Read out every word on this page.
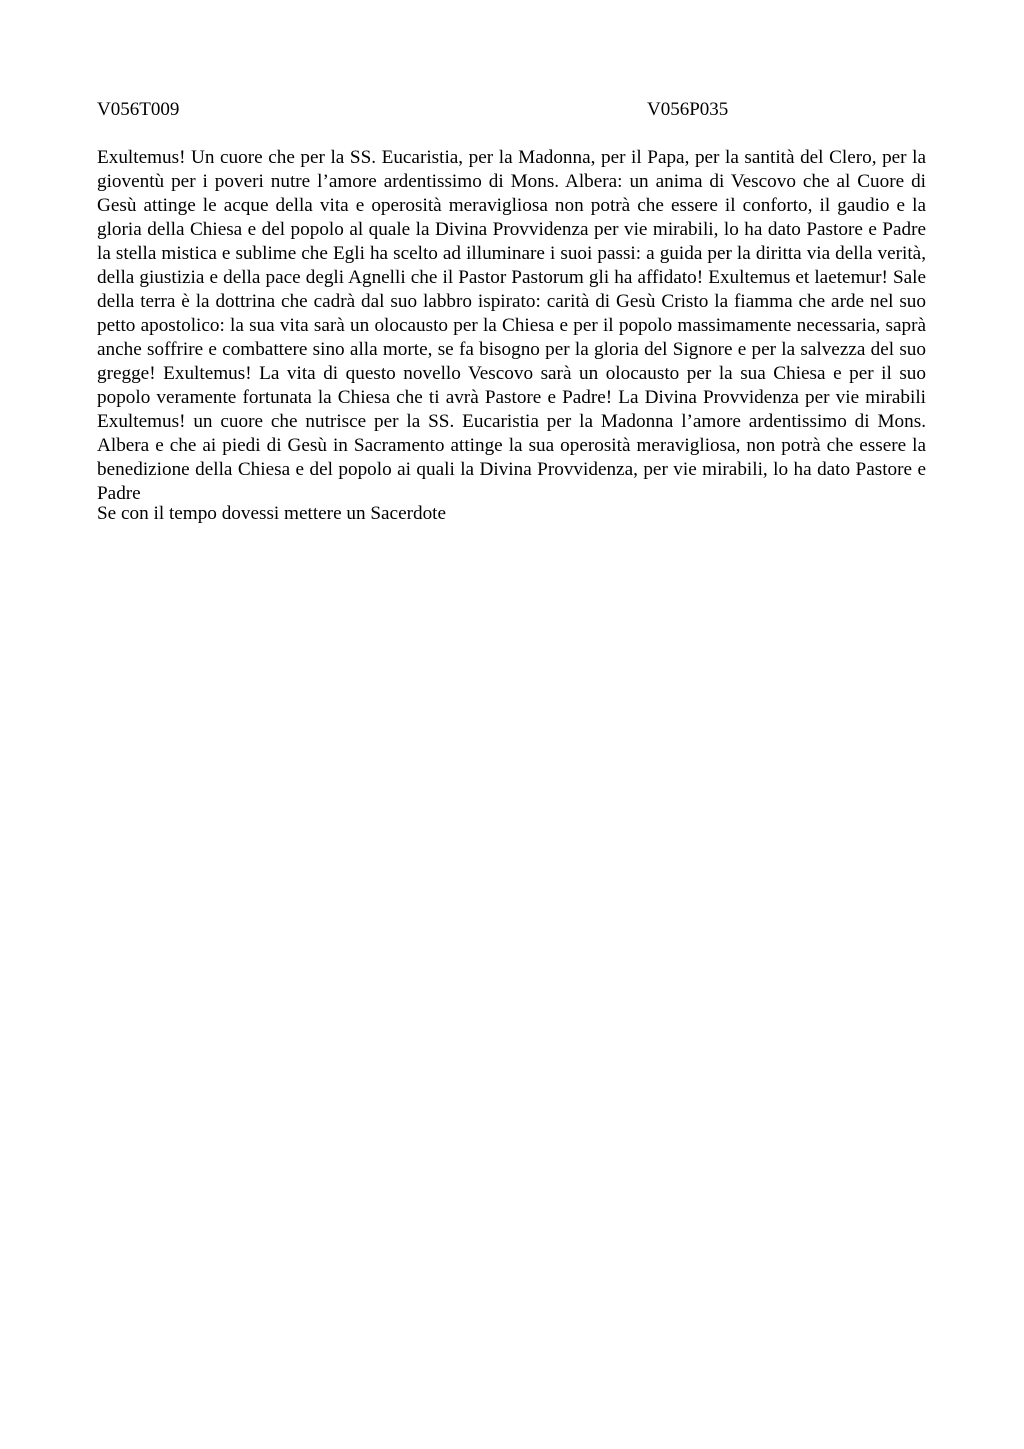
V056T009	V056P035

Exultemus! Un cuore che per la SS. Eucaristia, per la Madonna, per il Papa, per la santità del Clero, per la gioventù per i poveri nutre l’amore ardentissimo di Mons. Albera: un anima di Vescovo che al Cuore di Gesù attinge le acque della vita e operosità meravigliosa non potrà che essere il conforto, il gaudio e la gloria della Chiesa e del popolo al quale la Divina Provvidenza per vie mirabili, lo ha dato Pastore e Padre la stella mistica e sublime che Egli ha scelto ad illuminare i suoi passi: a guida per la diritta via della verità, della giustizia e della pace degli Agnelli che il Pastor Pastorum gli ha affidato! Exultemus et laetemur! Sale della terra è la dottrina che cadrà dal suo labbro ispirato: carità di Gesù Cristo la fiamma che arde nel suo petto apostolico: la sua vita sarà un olocausto per la Chiesa e per il popolo massimamente necessaria, saprà anche soffrire e combattere sino alla morte, se fa bisogno per la gloria del Signore e per la salvezza del suo gregge! Exultemus! La vita di questo novello Vescovo sarà un olocausto per la sua Chiesa e per il suo popolo veramente fortunata la Chiesa che ti avrà Pastore e Padre! La Divina Provvidenza per vie mirabili Exultemus! un cuore che nutrisce per la SS. Eucaristia per la Madonna l’amore ardentissimo di Mons. Albera e che ai piedi di Gesù in Sacramento attinge la sua operosità meravigliosa, non potrà che essere la benedizione della Chiesa e del popolo ai quali la Divina Provvidenza, per vie mirabili, lo ha dato Pastore e Padre

Se con il tempo dovessi mettere un Sacerdote
